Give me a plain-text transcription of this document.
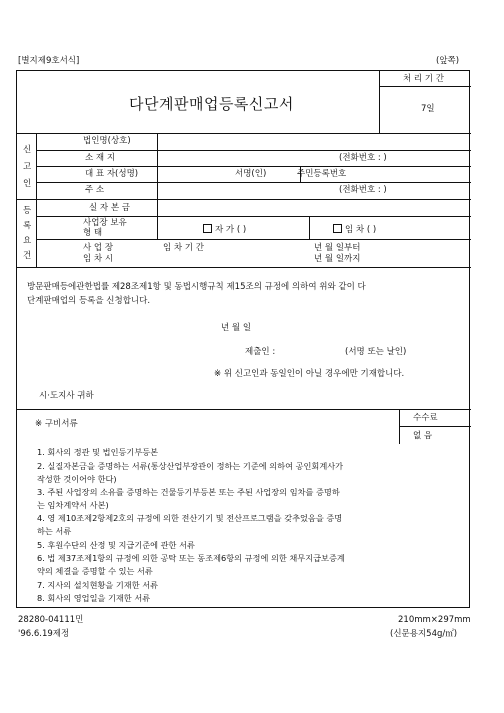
[별지제9호서식]	(앞쪽)
다단계판매업등록신고서
처 리 기 간
7일
신
고
인
법인명(상호)
소 재 지	(전화번호 : )
대 표 자(성명)	서명(인)	주민등록번호
주 소	(전화번호 : )
등
록
요
건
실 자 본 금
사업장 보유
형 태	자 가 ( )	임 차 ( )
사 업 장
임 차 시
임 차 기 간	년 월 일부터
년 월 일까지
방문판매등에관한법률 제28조제1항 및 동법시행규칙 제15조의 규정에 의하여 위와 같이 다
단계판매업의 등록을 신청합니다.
년 월 일
제출인 :	(서명 또는 날인)
※ 위 신고인과 동일인이 아닐 경우에만 기재합니다.
시·도지사 귀하
수수료
없 음
※ 구비서류
1. 회사의 정관 및 법인등기부등본
2. 실질자본금을 증명하는 서류(통상산업부장관이 정하는 기준에 의하여 공인회계사가
작성한 것이어야 한다)
3. 주된 사업장의 소유를 증명하는 건물등기부등본 또는 주된 사업장의 임차를 증명하
는 임차계약서 사본)
4. 영 제10조제2항제2호의 규정에 의한 전산기기 및 전산프로그램을 갖추었음을 증명
하는 서류
5. 후원수단의 산정 및 지급기준에 관한 서류
6. 법 제37조제1항의 규정에 의한 공탁 또는 동조제6항의 규정에 의한 채무지급보증계
약의 체결을 증명할 수 있는 서류
7. 지사의 설치현황을 기재한 서류
8. 회사의 영업일을 기재한 서류
28280-04111민	210mm×297mm
'96.6.19제정	(신문용지54g/㎡)
